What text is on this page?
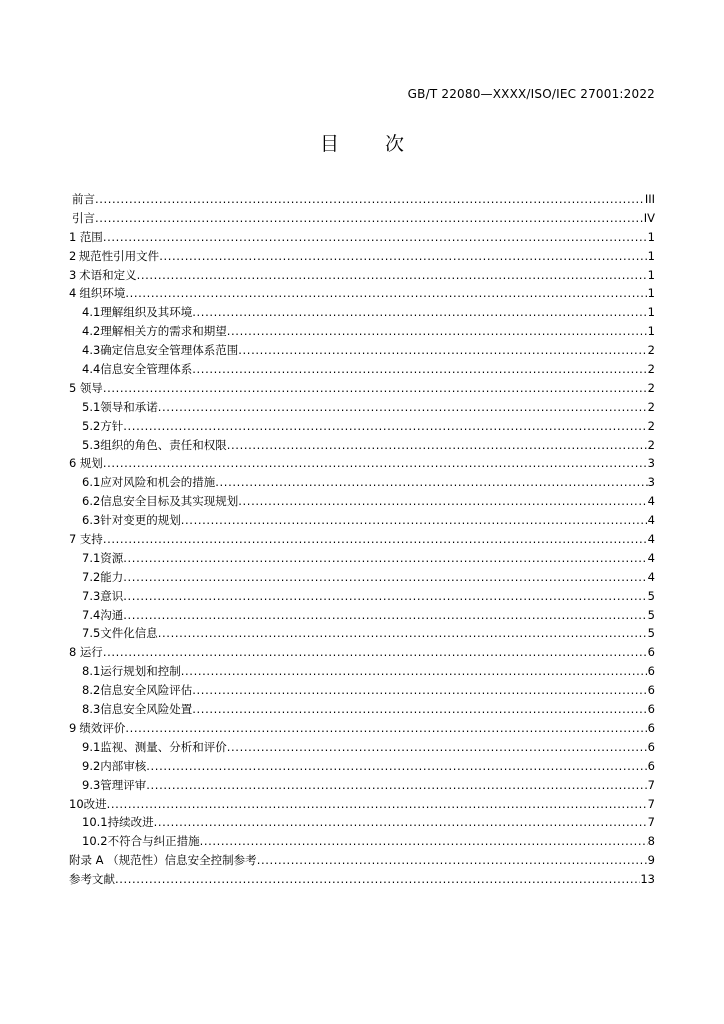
GB/T 22080—XXXX/ISO/IEC 27001:2022
目 次
前言 .....	III
引言 .....	IV
1 范围 .....	1
2 规范性引用文件 .....	1
3 术语和定义 .....	1
4 组织环境 .....	1
4.1 理解组织及其环境 .....	1
4.2 理解相关方的需求和期望 .....	1
4.3 确定信息安全管理体系范围 .....	2
4.4 信息安全管理体系 .....	2
5 领导 .....	2
5.1 领导和承诺 .....	2
5.2 方针 .....	2
5.3 组织的角色、责任和权限 .....	2
6 规划 .....	3
6.1 应对风险和机会的措施 .....	3
6.2 信息安全目标及其实现规划 .....	4
6.3 针对变更的规划 .....	4
7 支持 .....	4
7.1 资源 .....	4
7.2 能力 .....	4
7.3 意识 .....	5
7.4 沟通 .....	5
7.5 文件化信息 .....	5
8 运行 .....	6
8.1 运行规划和控制 .....	6
8.2 信息安全风险评估 .....	6
8.3 信息安全风险处置 .....	6
9 绩效评价 .....	6
9.1 监视、测量、分析和评价 .....	6
9.2 内部审核 .....	6
9.3 管理评审 .....	7
10 改进 .....	7
10.1 持续改进 .....	7
10.2 不符合与纠正措施 .....	8
附录 A （规范性）信息安全控制参考 .....	9
参考文献 .....	13
